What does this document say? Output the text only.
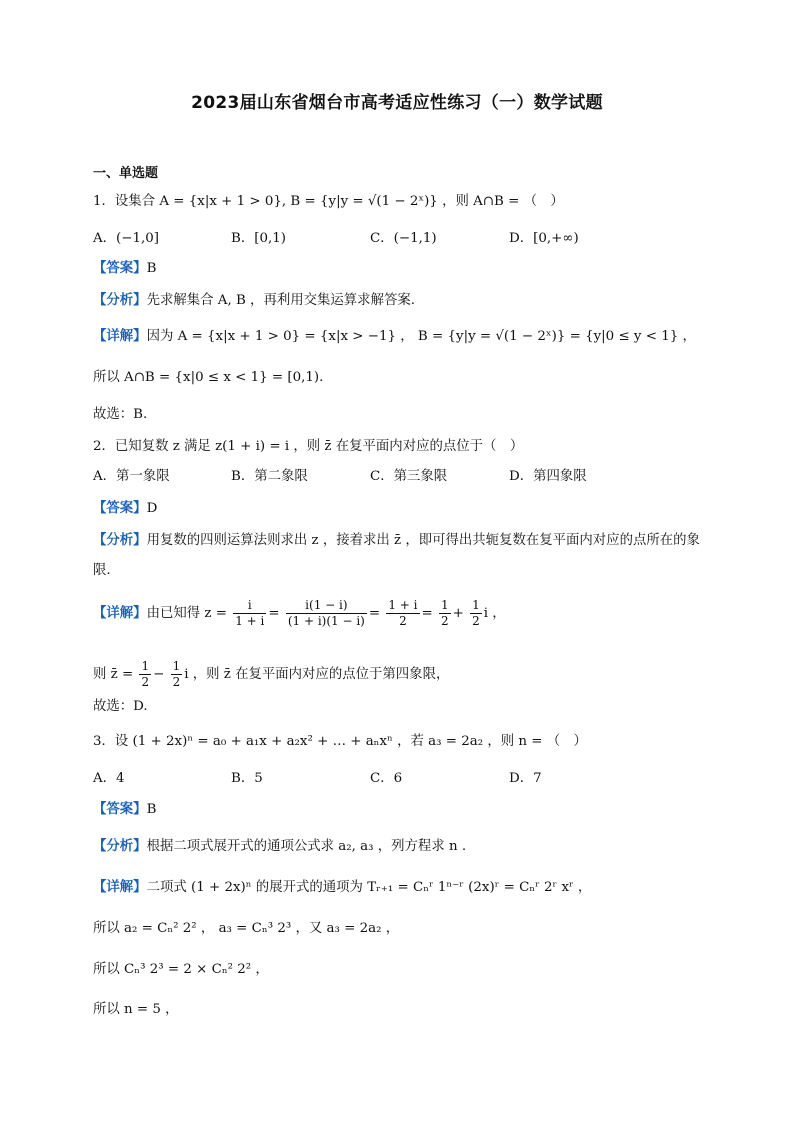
2023届山东省烟台市高考适应性练习（一）数学试题
一、单选题
1．设集合 A = {x|x + 1 > 0}, B = {y|y = √(1 − 2ˣ)} ，则 A∩B = （　）
A．(−1,0]	B．[0,1)	C．(−1,1)	D．[0,+∞)
【答案】B
【分析】先求解集合 A, B ，再利用交集运算求解答案.
【详解】因为 A = {x|x + 1 > 0} = {x|x > −1} ， B = {y|y = √(1 − 2ˣ)} = {y|0 ≤ y < 1} ，
所以 A∩B = {x|0 ≤ x < 1} = [0,1).
故选：B.
2．已知复数 z 满足 z(1 + i) = i ，则 z̄ 在复平面内对应的点位于（　）
A．第一象限	B．第二象限	C．第三象限	D．第四象限
【答案】D
【分析】用复数的四则运算法则求出 z ，接着求出 z̄ ，即可得出共轭复数在复平面内对应的点所在的象限.
【详解】由已知得 $z = \frac{i}{1 + i} = \frac{i(1 - i)}{(1 + i)(1 - i)} = \frac{1 + i}{2} = \frac{1}{2} + \frac{1}{2}$ i ，
则 z̄ = $\frac{1}{2} - \frac{1}{2}$ i ，则 z̄ 在复平面内对应的点位于第四象限，
故选：D.
3．设 (1 + 2x)ⁿ = a₀ + a₁x + a₂x² + … + aₙxⁿ ，若 a₃ = 2a₂ ，则 n = （　）
A．4	B．5	C．6	D．7
【答案】B
【分析】根据二项式展开式的通项公式求 a₂, a₃ ，列方程求 n .
【详解】二项式 (1 + 2x)ⁿ 的展开式的通项为 Tᵣ₊₁ = Cₙʳ 1ⁿ⁻ʳ (2x)ʳ = Cₙʳ 2ʳ xʳ ，
所以 a₂ = Cₙ² 2² ， a₃ = Cₙ³ 2³ ，又 a₃ = 2a₂ ，
所以 Cₙ³ 2³ = 2 × Cₙ² 2² ，
所以 n = 5 ，
